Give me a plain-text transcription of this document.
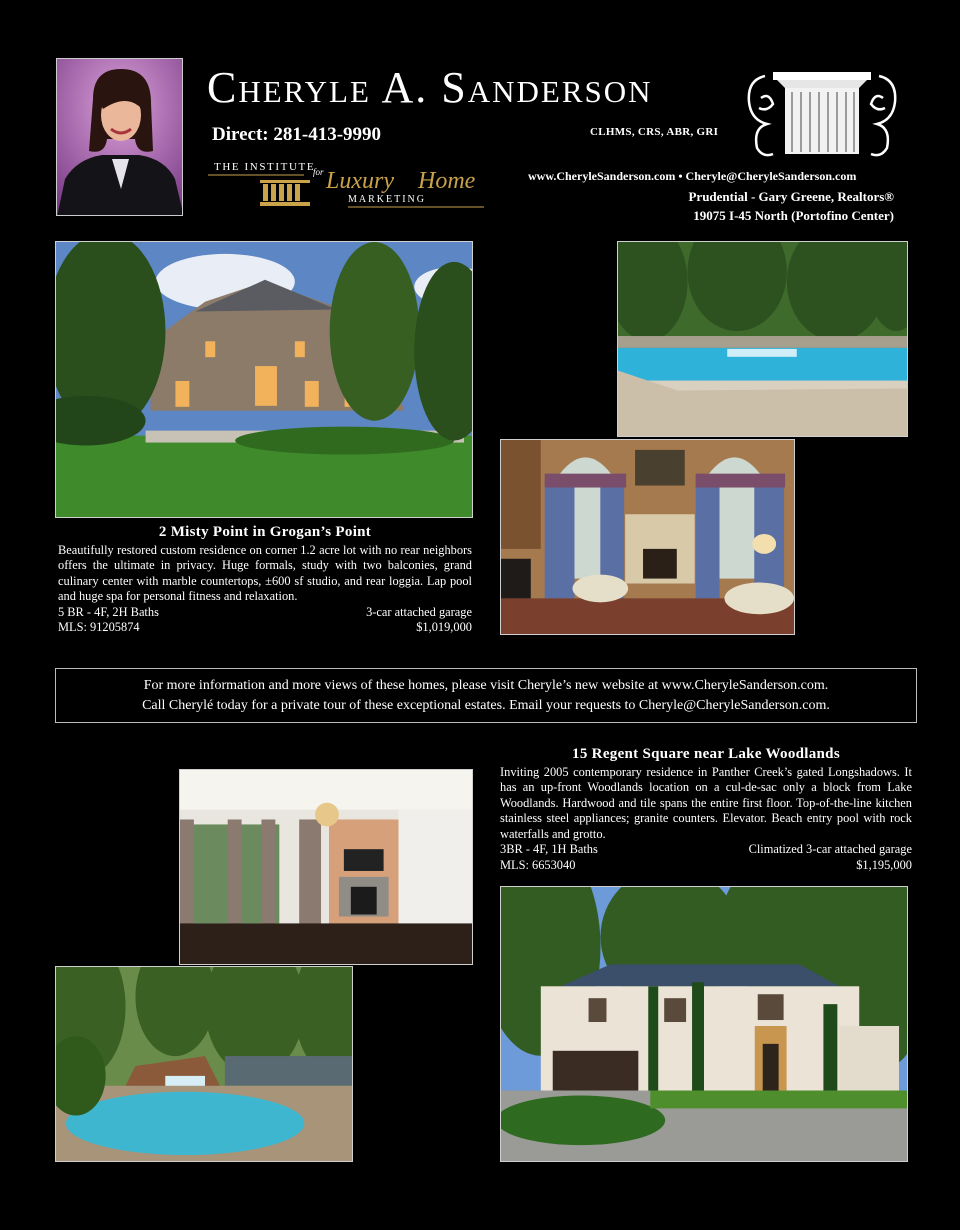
Cheryle A. Sanderson
Direct: 281-413-9990	CLHMS, CRS, ABR, GRI
THE INSTITUTE
for Luxury Home
MARKETING
www.CheryleSanderson.com • Cheryle@CheryleSanderson.com
Prudential - Gary Greene, Realtors®
19075 I-45 North (Portofino Center)
2 Misty Point in Grogan’s Point
Beautifully restored custom residence on corner 1.2 acre lot with no rear neighbors offers the ultimate in privacy. Huge formals, study with two balconies, grand culinary center with marble countertops, ±600 sf studio, and rear loggia. Lap pool and huge spa for personal fitness and relaxation.
5 BR - 4F, 2H Baths	3-car attached garage
MLS: 91205874	$1,019,000
For more information and more views of these homes, please visit Cheryle’s new website at www.CheryleSanderson.com.
Call Cherylé today for a private tour of these exceptional estates. Email your requests to Cheryle@CheryleSanderson.com.
15 Regent Square near Lake Woodlands
Inviting 2005 contemporary residence in Panther Creek’s gated Longshadows. It has an up-front Woodlands location on a cul-de-sac only a block from Lake Woodlands. Hardwood and tile spans the entire first floor. Top-of-the-line kitchen stainless steel appliances; granite counters. Elevator. Beach entry pool with rock waterfalls and grotto.
3BR - 4F, 1H Baths	Climatized 3-car attached garage
MLS: 6653040	$1,195,000
